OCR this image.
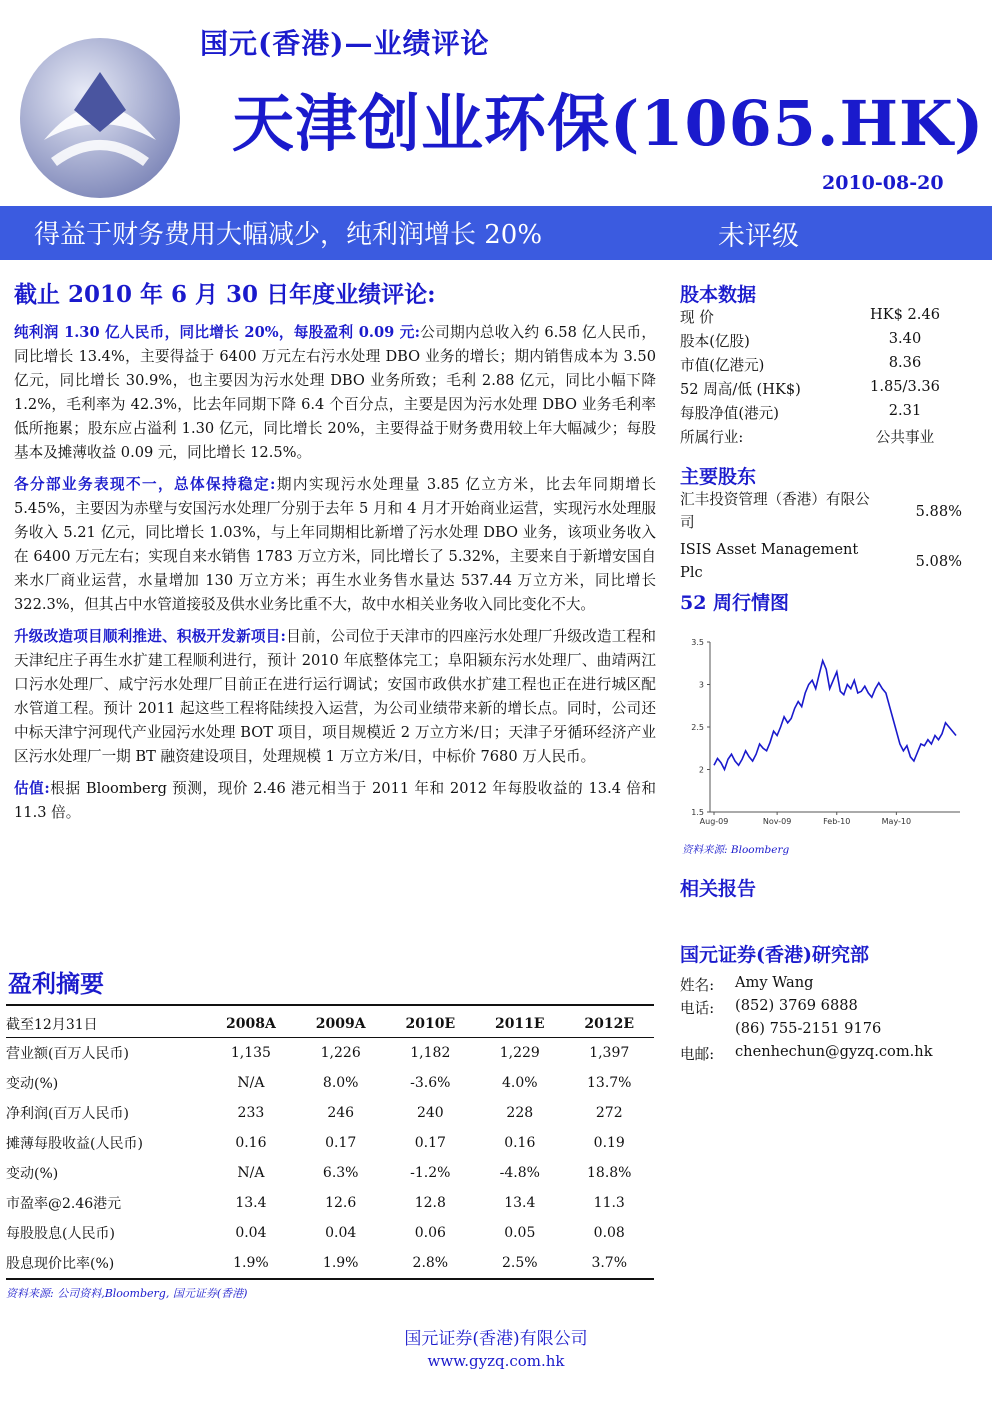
国元(香港)—业绩评论
天津创业环保(1065.HK)
2010-08-20
得益于财务费用大幅减少，纯利润增长 20%	未评级
截止 2010 年 6 月 30 日年度业绩评论:

纯利润 1.30 亿人民币，同比增长 20%，每股盈利 0.09 元:公司期内总收入约 6.58 亿人民币，同比增长 13.4%，主要得益于 6400 万元左右污水处理 DBO 业务的增长；期内销售成本为 3.50 亿元，同比增长 30.9%，也主要因为污水处理 DBO 业务所致；毛利 2.88 亿元，同比小幅下降 1.2%，毛利率为 42.3%，比去年同期下降 6.4 个百分点，主要是因为污水处理 DBO 业务毛利率低所拖累；股东应占溢利 1.30 亿元，同比增长 20%，主要得益于财务费用较上年大幅减少；每股基本及摊薄收益 0.09 元，同比增长 12.5%。

各分部业务表现不一，总体保持稳定:期内实现污水处理量 3.85 亿立方米，比去年同期增长 5.45%，主要因为赤壁与安国污水处理厂分别于去年 5 月和 4 月才开始商业运营，实现污水处理服务收入 5.21 亿元，同比增长 1.03%，与上年同期相比新增了污水处理 DBO 业务，该项业务收入在 6400 万元左右；实现自来水销售 1783 万立方米，同比增长了 5.32%，主要来自于新增安国自来水厂商业运营，水量增加 130 万立方米；再生水业务售水量达 537.44 万立方米，同比增长 322.3%，但其占中水管道接驳及供水业务比重不大，故中水相关业务收入同比变化不大。

升级改造项目顺利推进、积极开发新项目:目前，公司位于天津市的四座污水处理厂升级改造工程和天津纪庄子再生水扩建工程顺利进行，预计 2010 年底整体完工；阜阳颍东污水处理厂、曲靖两江口污水处理厂、咸宁污水处理厂目前正在进行运行调试；安国市政供水扩建工程也正在进行城区配水管道工程。预计 2011 起这些工程将陆续投入运营，为公司业绩带来新的增长点。同时，公司还中标天津宁河现代产业园污水处理 BOT 项目，项目规模近 2 万立方米/日；天津子牙循环经济产业区污水处理厂一期 BT 融资建设项目，处理规模 1 万立方米/日，中标价 7680 万人民币。

估值:根据 Bloomberg 预测，现价 2.46 港元相当于 2011 年和 2012 年每股收益的 13.4 倍和 11.3 倍。

盈利摘要
截至12月31日	2008A	2009A	2010E	2011E	2012E
营业额(百万人民币)	1,135	1,226	1,182	1,229	1,397
变动(%)	N/A	8.0%	-3.6%	4.0%	13.7%
净利润(百万人民币)	233	246	240	228	272
摊薄每股收益(人民币)	0.16	0.17	0.17	0.16	0.19
变动(%)	N/A	6.3%	-1.2%	-4.8%	18.8%
市盈率@2.46港元	13.4	12.6	12.8	13.4	11.3
每股股息(人民币)	0.04	0.04	0.06	0.05	0.08
股息现价比率(%)	1.9%	1.9%	2.8%	2.5%	3.7%
资料来源: 公司资料,Bloomberg, 国元证券(香港)
股本数据
现 价	HK$ 2.46
股本(亿股)	3.40
市值(亿港元)	8.36
52 周高/低 (HK$)	1.85/3.36
每股净值(港元)	2.31
所属行业:	公共事业
主要股东
汇丰投资管理（香港）有限公司
5.88%
ISIS Asset Management Plc
5.08%
52 周行情图
1.5
2
2.5
3
3.5
Aug-09	Nov-09	Feb-10	May-10
资料来源: Bloomberg
相关报告
国元证券(香港)研究部
姓名:	Amy Wang
电话:	(852) 3769 6888
(86) 755-2151 9176
电邮:	chenhechun@gyzq.com.hk
国元证券(香港)有限公司
www.gyzq.com.hk
